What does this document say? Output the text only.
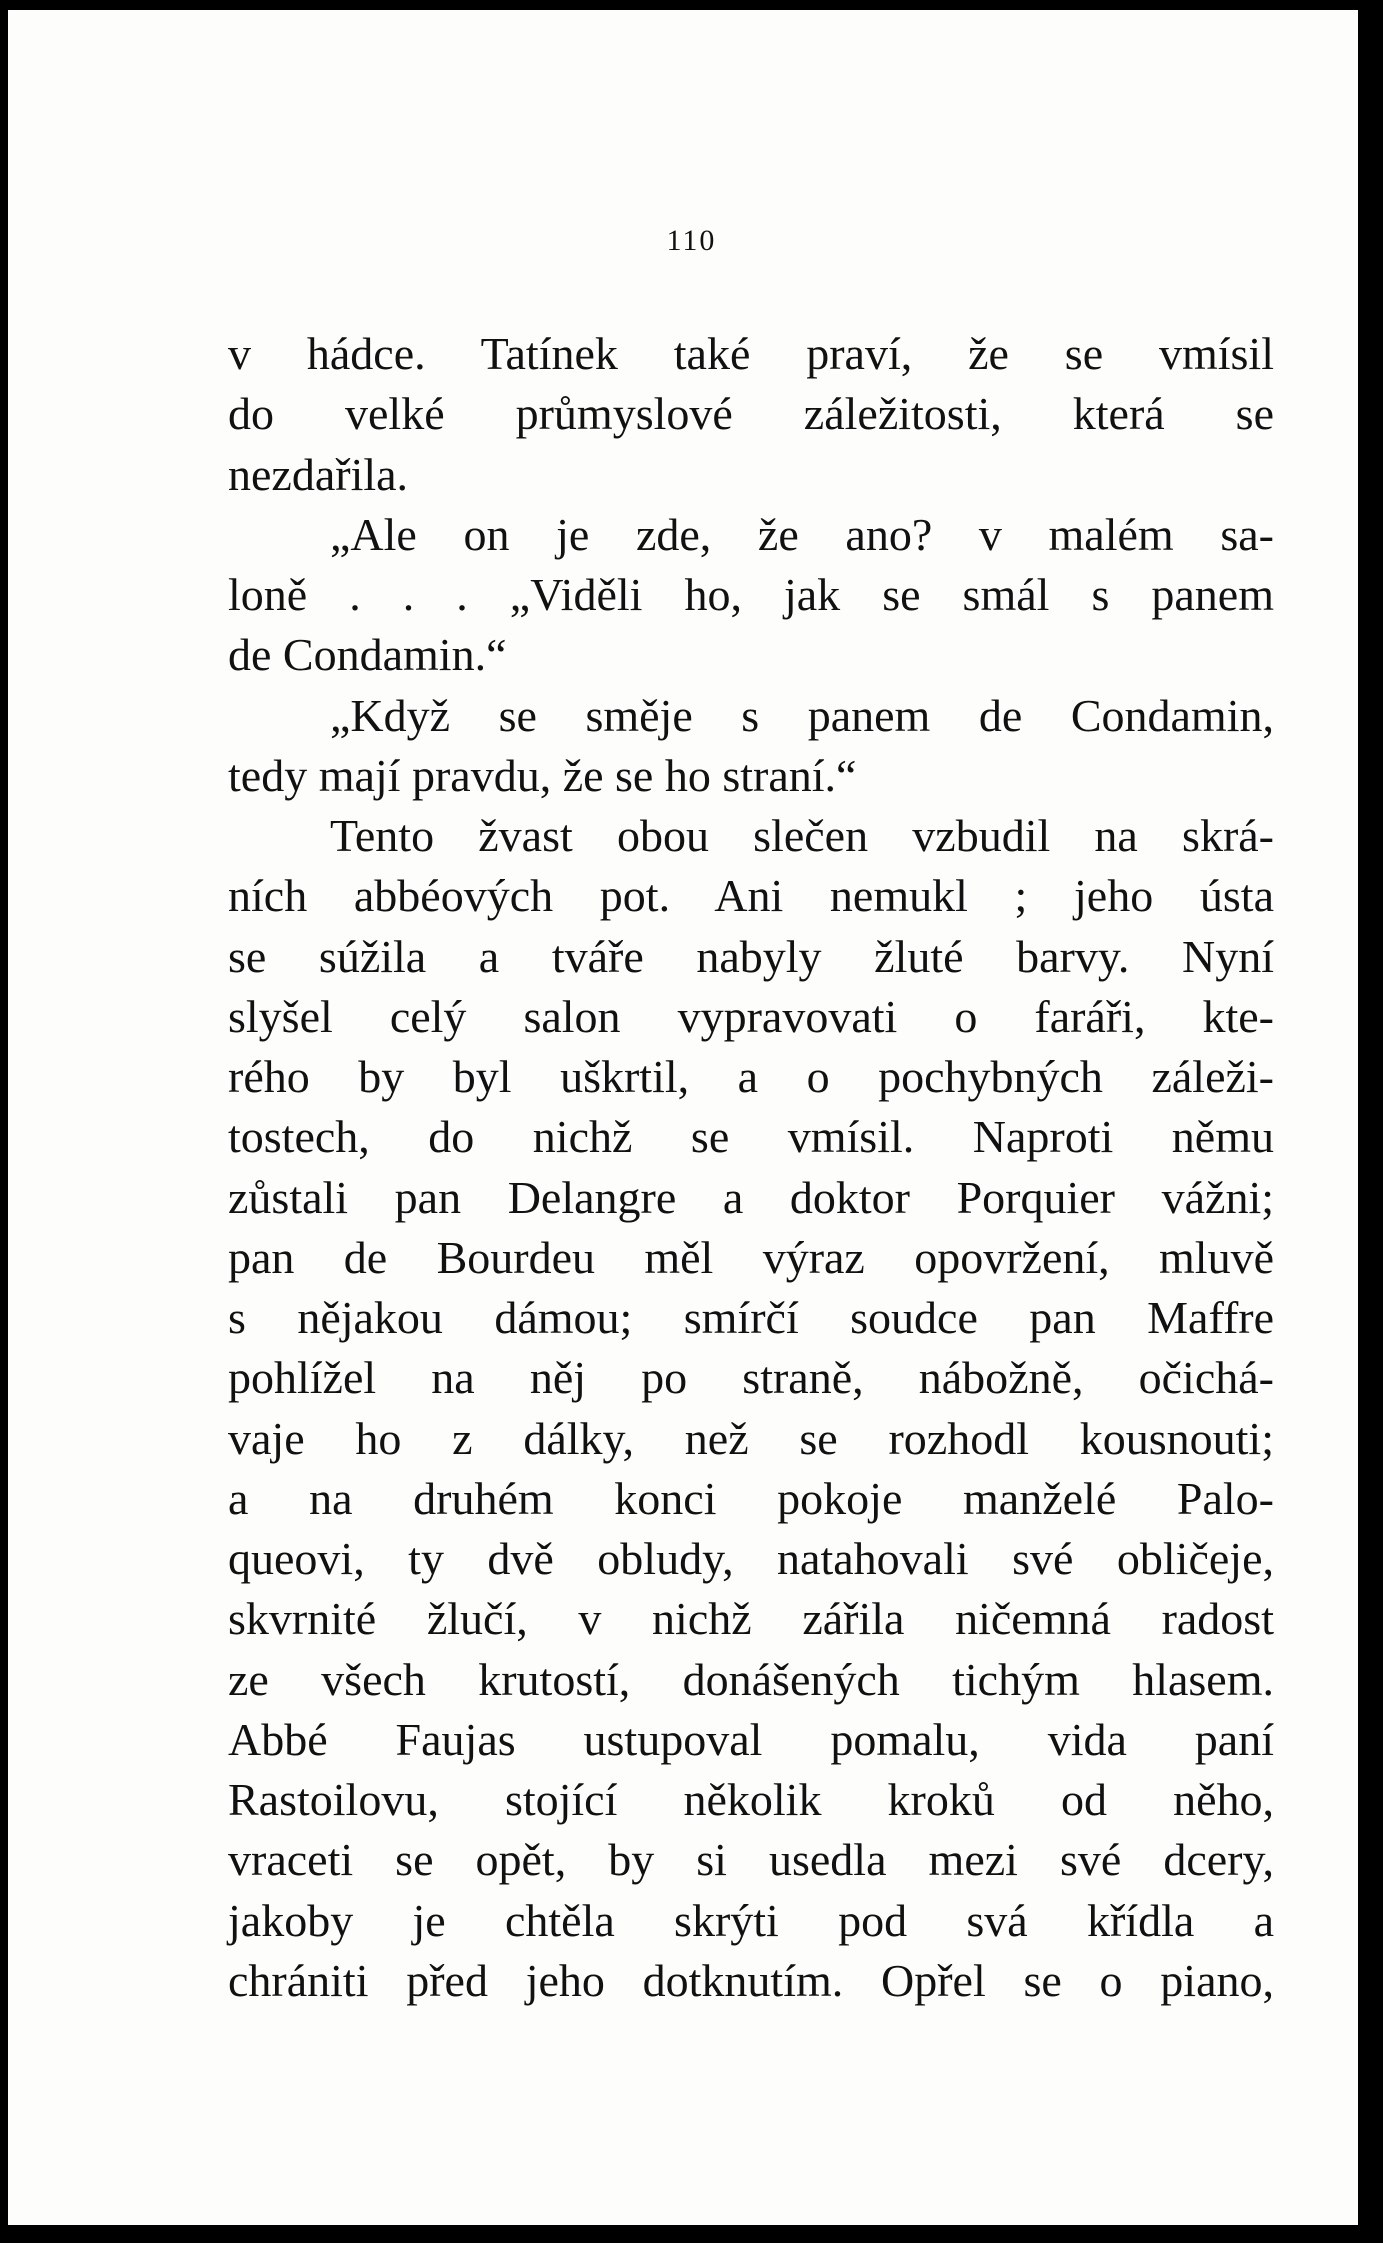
110
v hádce. Tatínek také praví, že se vmísil
do velké průmyslové záležitosti, která se
nezdařila.
„Ale on je zde, že ano? v malém sa-
loně . . . „Viděli ho, jak se smál s panem
de Condamin.“
„Když se směje s panem de Condamin,
tedy mají pravdu, že se ho straní.“
Tento žvast obou slečen vzbudil na skrá-
ních abbéových pot. Ani nemukl ; jeho ústa
se súžila a tváře nabyly žluté barvy. Nyní
slyšel celý salon vypravovati o faráři, kte-
rého by byl uškrtil, a o pochybných záleži-
tostech, do nichž se vmísil. Naproti němu
zůstali pan Delangre a doktor Porquier vážni;
pan de Bourdeu měl výraz opovržení, mluvě
s nějakou dámou; smírčí soudce pan Maffre
pohlížel na něj po straně, nábožně, očichá-
vaje ho z dálky, než se rozhodl kousnouti;
a na druhém konci pokoje manželé Palo-
queovi, ty dvě obludy, natahovali své obličeje,
skvrnité žlučí, v nichž zářila ničemná radost
ze všech krutostí, donášených tichým hlasem.
Abbé Faujas ustupoval pomalu, vida paní
Rastoilovu, stojící několik kroků od něho,
vraceti se opět, by si usedla mezi své dcery,
jakoby je chtěla skrýti pod svá křídla a
chrániti před jeho dotknutím. Opřel se o piano,
